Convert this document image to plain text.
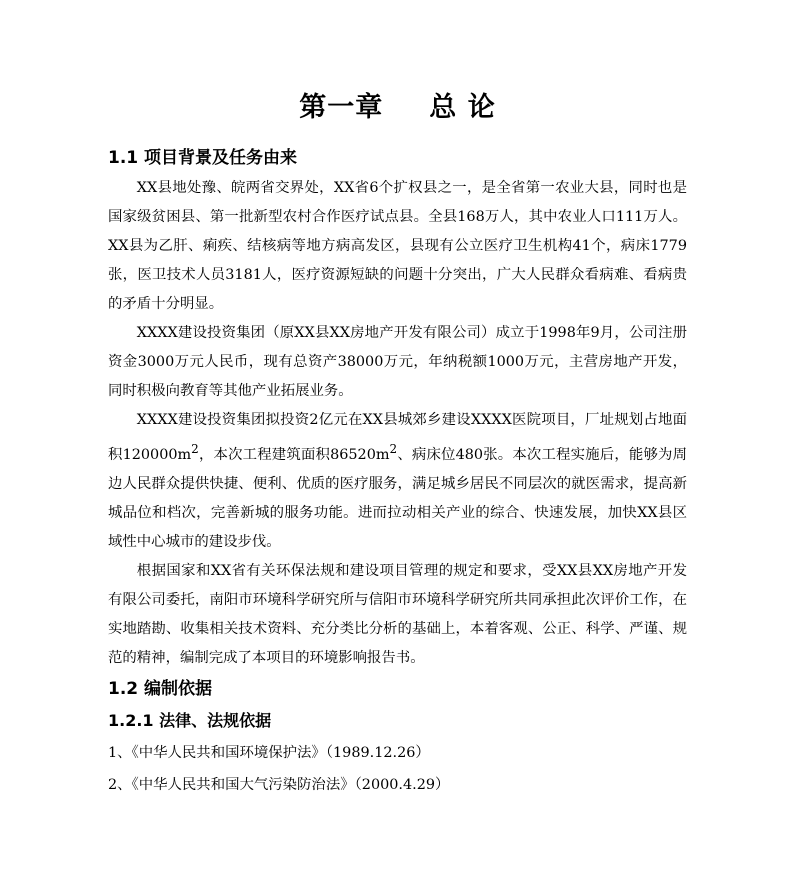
第一章 总 论
1.1 项目背景及任务由来

XX县地处豫、皖两省交界处，XX省6个扩权县之一，是全省第一农业大县，同时也是国家级贫困县、第一批新型农村合作医疗试点县。全县168万人，其中农业人口111万人。XX县为乙肝、痢疾、结核病等地方病高发区，县现有公立医疗卫生机构41个，病床1779张，医卫技术人员3181人，医疗资源短缺的问题十分突出，广大人民群众看病难、看病贵的矛盾十分明显。

XXXX建设投资集团（原XX县XX房地产开发有限公司）成立于1998年9月，公司注册资金3000万元人民币，现有总资产38000万元，年纳税额1000万元，主营房地产开发，同时积极向教育等其他产业拓展业务。

XXXX建设投资集团拟投资2亿元在XX县城郊乡建设XXXX医院项目，厂址规划占地面积$120000m^2$，本次工程建筑面积$86520m^2$、病床位480张。本次工程实施后，能够为周边人民群众提供快捷、便利、优质的医疗服务，满足城乡居民不同层次的就医需求，提高新城品位和档次，完善新城的服务功能。进而拉动相关产业的综合、快速发展，加快XX县区域性中心城市的建设步伐。

根据国家和XX省有关环保法规和建设项目管理的规定和要求，受XX县XX房地产开发有限公司委托，南阳市环境科学研究所与信阳市环境科学研究所共同承担此次评价工作，在实地踏勘、收集相关技术资料、充分类比分析的基础上，本着客观、公正、科学、严谨、规范的精神，编制完成了本项目的环境影响报告书。

1.2 编制依据
1.2.1 法律、法规依据

1、《中华人民共和国环境保护法》（1989.12.26）

2、《中华人民共和国大气污染防治法》（2000.4.29）
